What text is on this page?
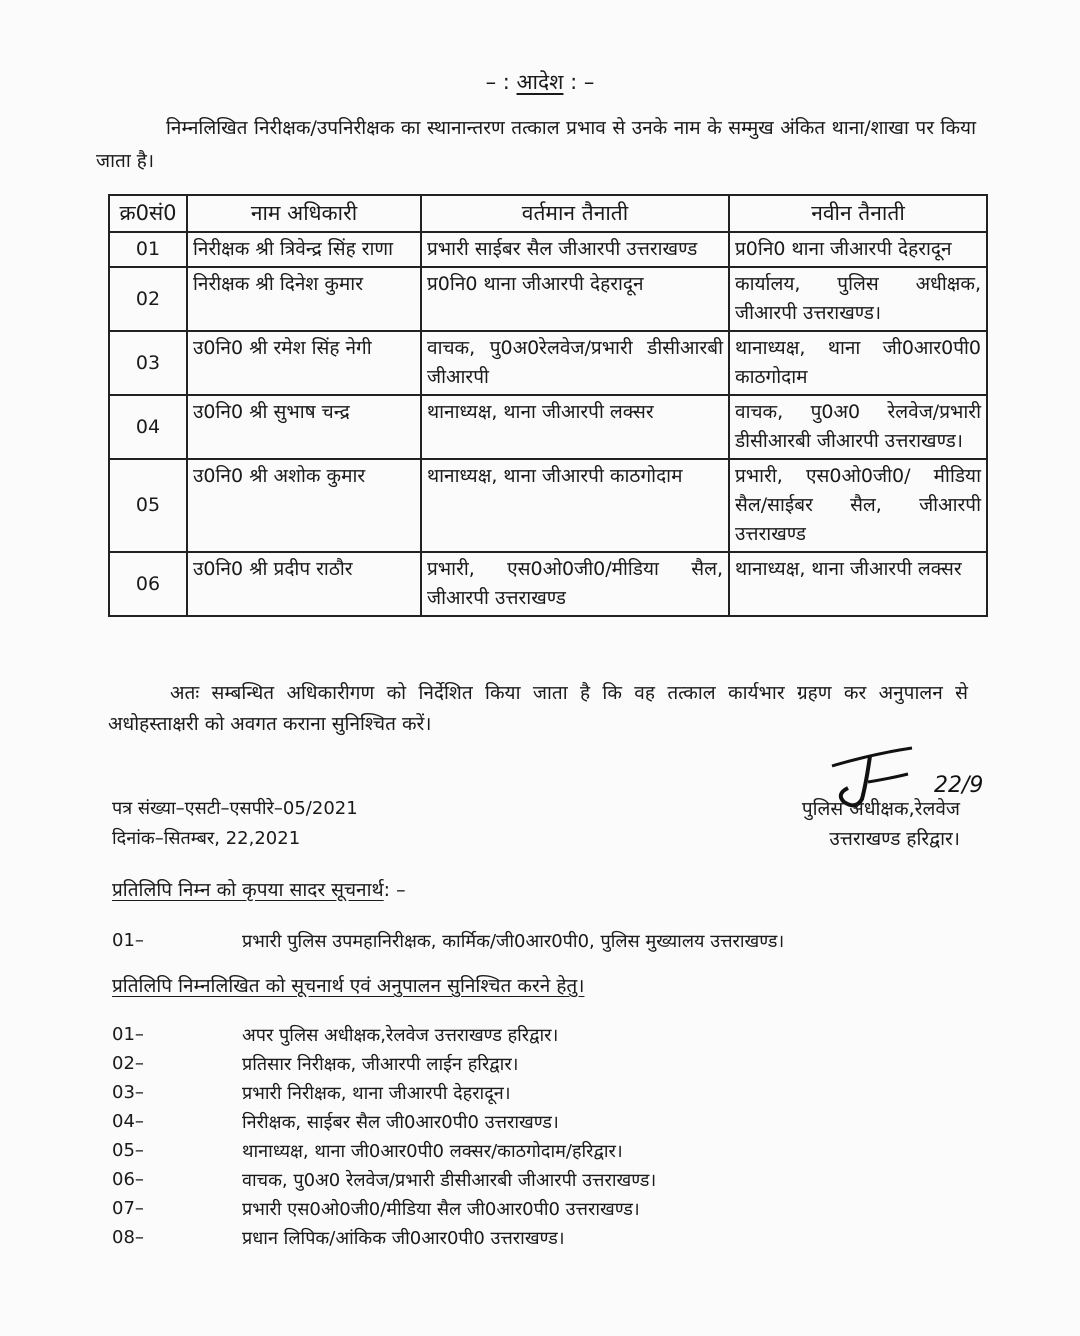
– : आदेश : –
निम्नलिखित निरीक्षक/उपनिरीक्षक का स्थानान्तरण तत्काल प्रभाव से उनके नाम के सम्मुख अंकित थाना/शाखा पर किया जाता है।
क्र0सं0	नाम अधिकारी	वर्तमान तैनाती	नवीन तैनाती
01	निरीक्षक श्री त्रिवेन्द्र सिंह राणा	प्रभारी साईबर सैल जीआरपी उत्तराखण्ड	प्र0नि0 थाना जीआरपी देहरादून
02	निरीक्षक श्री दिनेश कुमार	प्र0नि0 थाना जीआरपी देहरादून	कार्यालय, पुलिस अधीक्षक, जीआरपी उत्तराखण्ड।
03	उ0नि0 श्री रमेश सिंह नेगी	वाचक, पु0अ0रेलवेज/प्रभारी डीसीआरबी जीआरपी	थानाध्यक्ष, थाना जी0आर0पी0 काठगोदाम
04	उ0नि0 श्री सुभाष चन्द्र	थानाध्यक्ष, थाना जीआरपी लक्सर	वाचक, पु0अ0 रेलवेज/प्रभारी डीसीआरबी जीआरपी उत्तराखण्ड।
05	उ0नि0 श्री अशोक कुमार	थानाध्यक्ष, थाना जीआरपी काठगोदाम	प्रभारी, एस0ओ0जी0/ मीडिया सैल/साईबर सैल, जीआरपी उत्तराखण्ड
06	उ0नि0 श्री प्रदीप राठौर	प्रभारी, एस0ओ0जी0/मीडिया सैल, जीआरपी उत्तराखण्ड	थानाध्यक्ष, थाना जीआरपी लक्सर
अतः सम्बन्धित अधिकारीगण को निर्देशित किया जाता है कि वह तत्काल कार्यभार ग्रहण कर अनुपालन से अधोहस्ताक्षरी को अवगत कराना सुनिश्चित करें।
पत्र संख्या–एसटी–एसपीरे–05/2021
दिनांक–सितम्बर, 22,2021
22/9
पुलिस अधीक्षक,रेलवेज
उत्तराखण्ड हरिद्वार।
प्रतिलिपि निम्न को कृपया सादर सूचनार्थ: –
01–	प्रभारी पुलिस उपमहानिरीक्षक, कार्मिक/जी0आर0पी0, पुलिस मुख्यालय उत्तराखण्ड।
प्रतिलिपि निम्नलिखित को सूचनार्थ एवं अनुपालन सुनिश्चित करने हेतु।
01–	अपर पुलिस अधीक्षक,रेलवेज उत्तराखण्ड हरिद्वार।
02–	प्रतिसार निरीक्षक, जीआरपी लाईन हरिद्वार।
03–	प्रभारी निरीक्षक, थाना जीआरपी देहरादून।
04–	निरीक्षक, साईबर सैल जी0आर0पी0 उत्तराखण्ड।
05–	थानाध्यक्ष, थाना जी0आर0पी0 लक्सर/काठगोदाम/हरिद्वार।
06–	वाचक, पु0अ0 रेलवेज/प्रभारी डीसीआरबी जीआरपी उत्तराखण्ड।
07–	प्रभारी एस0ओ0जी0/मीडिया सैल जी0आर0पी0 उत्तराखण्ड।
08–	प्रधान लिपिक/आंकिक जी0आर0पी0 उत्तराखण्ड।
